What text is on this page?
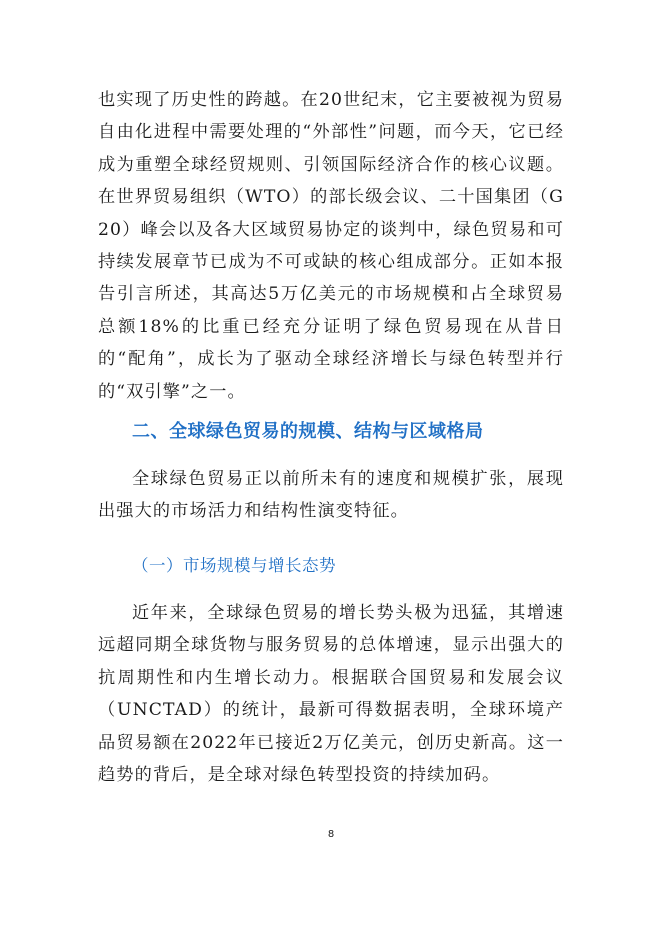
也实现了历史性的跨越。在20世纪末，它主要被视为贸易自由化进程中需要处理的“外部性”问题，而今天，它已经成为重塑全球经贸规则、引领国际经济合作的核心议题。在世界贸易组织（WTO）的部长级会议、二十国集团（G20）峰会以及各大区域贸易协定的谈判中，绿色贸易和可持续发展章节已成为不可或缺的核心组成部分。正如本报告引言所述，其高达5万亿美元的市场规模和占全球贸易总额18%的比重已经充分证明了绿色贸易现在从昔日的“配角”，成长为了驱动全球经济增长与绿色转型并行的“双引擎”之一。

二、全球绿色贸易的规模、结构与区域格局

全球绿色贸易正以前所未有的速度和规模扩张，展现出强大的市场活力和结构性演变特征。

（一）市场规模与增长态势

近年来，全球绿色贸易的增长势头极为迅猛，其增速远超同期全球货物与服务贸易的总体增速，显示出强大的抗周期性和内生增长动力。根据联合国贸易和发展会议（UNCTAD）的统计，最新可得数据表明，全球环境产品贸易额在2022年已接近2万亿美元，创历史新高。这一趋势的背后，是全球对绿色转型投资的持续加码。

8
